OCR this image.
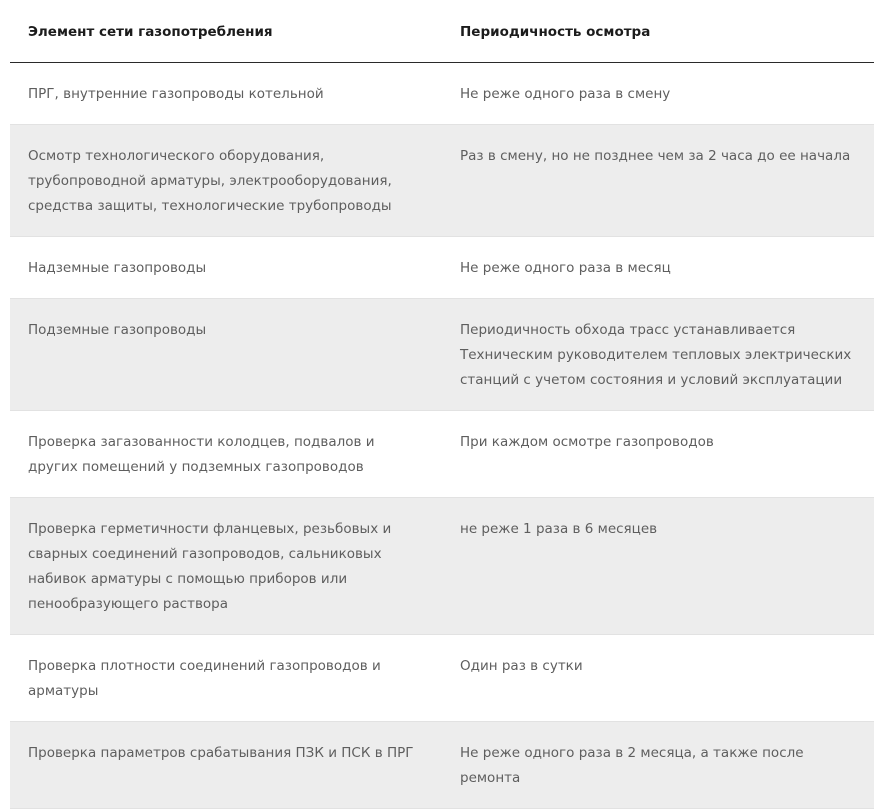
Элемент сети газопотребления	Периодичность осмотра
ПРГ, внутренние газопроводы котельной	Не реже одного раза в смену
Осмотр технологического оборудования, трубопроводной арматуры, электрооборудования, средства защиты, технологические трубопроводы	Раз в смену, но не позднее чем за 2 часа до ее начала
Надземные газопроводы	Не реже одного раза в месяц
Подземные газопроводы	Периодичность обхода трасс устанавливается Техническим руководителем тепловых электрических станций с учетом состояния и условий эксплуатации
Проверка загазованности колодцев, подвалов и других помещений у подземных газопроводов	При каждом осмотре газопроводов
Проверка герметичности фланцевых, резьбовых и сварных соединений газопроводов, сальниковых набивок арматуры с помощью приборов или пенообразующего раствора	не реже 1 раза в 6 месяцев
Проверка плотности соединений газопроводов и арматуры	Один раз в сутки
Проверка параметров срабатывания ПЗК и ПСК в ПРГ	Не реже одного раза в 2 месяца, а также после ремонта
